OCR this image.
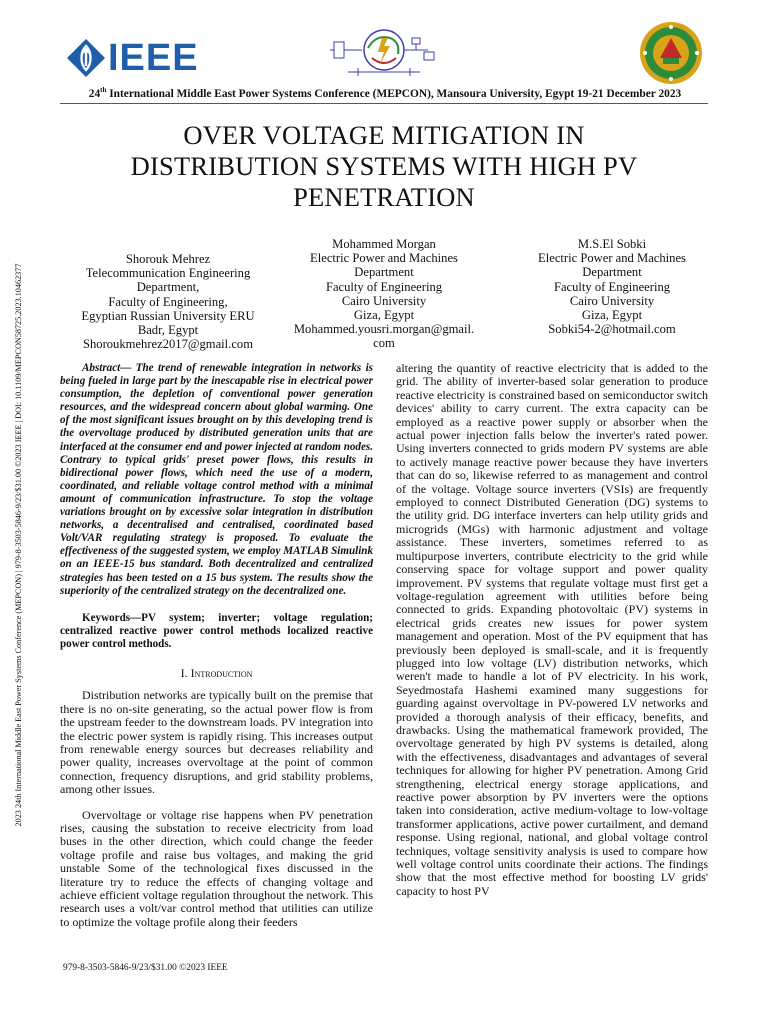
IEEE
24th International Middle East Power Systems Conference (MEPCON), Mansoura University, Egypt 19-21 December 2023
2023 24th International Middle East Power Systems Conference (MEPCON) | 979-8-3503-5846-9/23/$31.00 ©2023 IEEE | DOI: 10.1109/MEPCON58725.2023.10462377
OVER VOLTAGE MITIGATION IN
DISTRIBUTION SYSTEMS WITH HIGH PV
PENETRATION
Shorouk Mehrez
Telecommunication Engineering
Department,
Faculty of Engineering,
Egyptian Russian University ERU
Badr, Egypt
Shoroukmehrez2017@gmail.com
Mohammed Morgan
Electric Power and Machines
Department
Faculty of Engineering
Cairo University
Giza, Egypt
Mohammed.yousri.morgan@gmail.
com
M.S.El Sobki
Electric Power and Machines
Department
Faculty of Engineering
Cairo University
Giza, Egypt
Sobki54-2@hotmail.com

Abstract— The trend of renewable integration in networks is being fueled in large part by the inescapable rise in electrical power consumption, the depletion of conventional power generation resources, and the widespread concern about global warming. One of the most significant issues brought on by this developing trend is the overvoltage produced by distributed generation units that are interfaced at the consumer end and power injected at random nodes. Contrary to typical grids' preset power flows, this results in bidirectional power flows, which need the use of a modern, coordinated, and reliable voltage control method with a minimal amount of communication infrastructure. To stop the voltage variations brought on by excessive solar integration in distribution networks, a decentralised and centralised, coordinated based Volt/VAR regulating strategy is proposed. To evaluate the effectiveness of the suggested system, we employ MATLAB Simulink on an IEEE-15 bus standard. Both decentralized and centralized strategies has been tested on a 15 bus system. The results show the superiority of the centralized strategy on the decentralized one.

Keywords—PV system; inverter; voltage regulation; centralized reactive power control methods localized reactive power control methods.

I. Introduction

Distribution networks are typically built on the premise that there is no on-site generating, so the actual power flow is from the upstream feeder to the downstream loads. PV integration into the electric power system is rapidly rising. This increases output from renewable energy sources but decreases reliability and power quality, increases overvoltage at the point of common connection, frequency disruptions, and grid stability problems, among other issues.

Overvoltage or voltage rise happens when PV penetration rises, causing the substation to receive electricity from load buses in the other direction, which could change the feeder voltage profile and raise bus voltages, and making the grid unstable Some of the technological fixes discussed in the literature try to reduce the effects of changing voltage and achieve efficient voltage regulation throughout the network. This research uses a volt/var control method that utilities can utilize to optimize the voltage profile along their feeders

altering the quantity of reactive electricity that is added to the grid. The ability of inverter-based solar generation to produce reactive electricity is constrained based on semiconductor switch devices' ability to carry current. The extra capacity can be employed as a reactive power supply or absorber when the actual power injection falls below the inverter's rated power. Using inverters connected to grids modern PV systems are able to actively manage reactive power because they have inverters that can do so, likewise referred to as management and control of the voltage. Voltage source inverters (VSIs) are frequently employed to connect Distributed Generation (DG) systems to the utility grid. DG interface inverters can help utility grids and microgrids (MGs) with harmonic adjustment and voltage assistance. These inverters, sometimes referred to as multipurpose inverters, contribute electricity to the grid while conserving space for voltage support and power quality improvement. PV systems that regulate voltage must first get a voltage-regulation agreement with utilities before being connected to grids. Expanding photovoltaic (PV) systems in electrical grids creates new issues for power system management and operation. Most of the PV equipment that has previously been deployed is small-scale, and it is frequently plugged into low voltage (LV) distribution networks, which weren't made to handle a lot of PV electricity. In his work, Seyedmostafa Hashemi examined many suggestions for guarding against overvoltage in PV-powered LV networks and provided a thorough analysis of their efficacy, benefits, and drawbacks. Using the mathematical framework provided, The overvoltage generated by high PV systems is detailed, along with the effectiveness, disadvantages and advantages of several techniques for allowing for higher PV penetration. Among Grid strengthening, electrical energy storage applications, and reactive power absorption by PV inverters were the options taken into consideration, active medium-voltage to low-voltage transformer applications, active power curtailment, and demand response. Using regional, national, and global voltage control techniques, voltage sensitivity analysis is used to compare how well voltage control units coordinate their actions. The findings show that the most effective method for boosting LV grids' capacity to host PV

979-8-3503-5846-9/23/$31.00 ©2023 IEEE
